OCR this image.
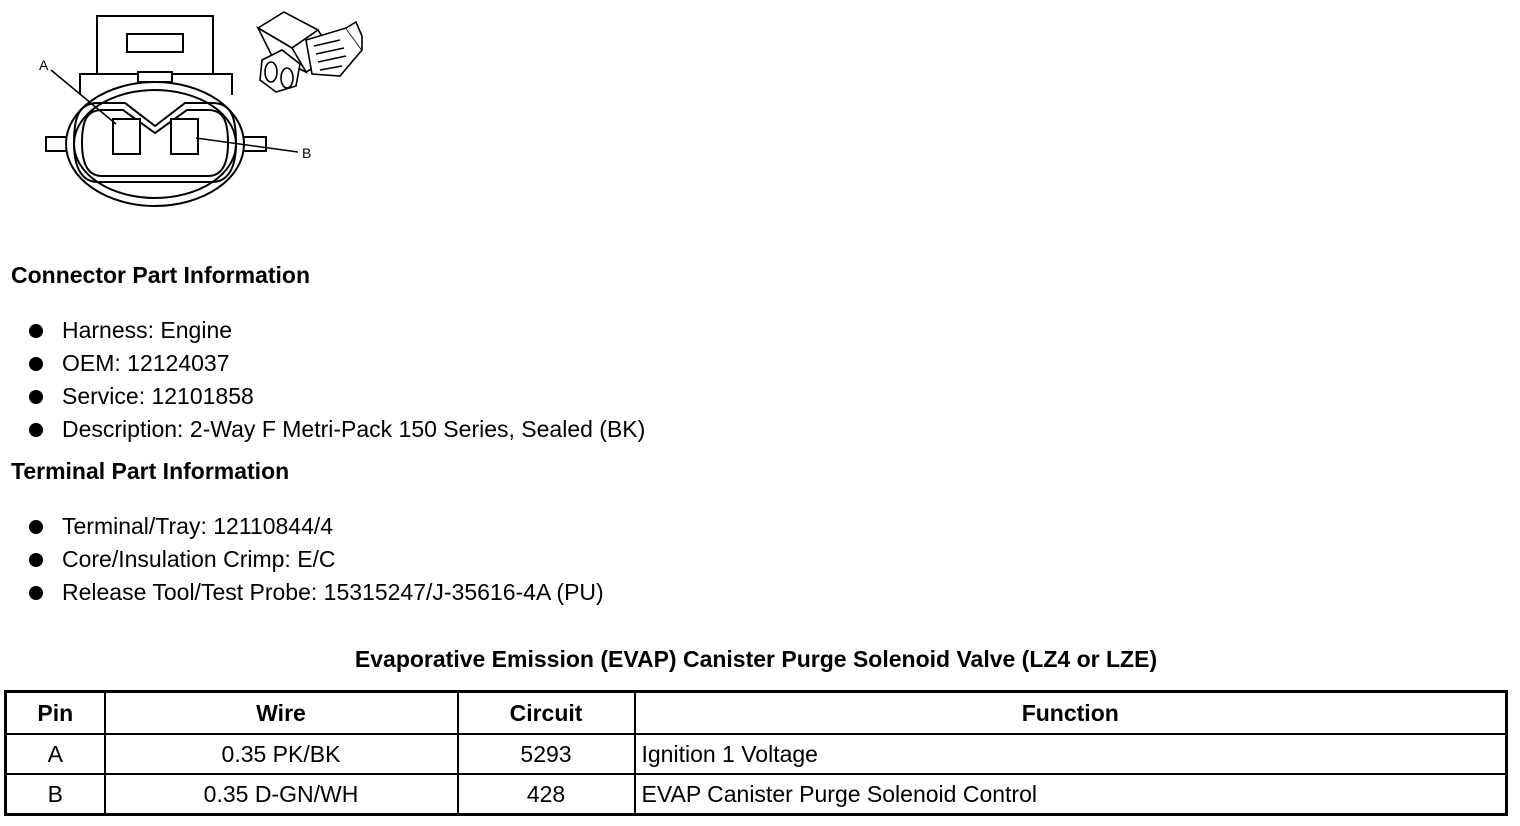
A
B
Connector Part Information
Harness: Engine
OEM: 12124037
Service: 12101858
Description: 2-Way F Metri-Pack 150 Series, Sealed (BK)
Terminal Part Information
Terminal/Tray: 12110844/4
Core/Insulation Crimp: E/C
Release Tool/Test Probe: 15315247/J-35616-4A (PU)
Evaporative Emission (EVAP) Canister Purge Solenoid Valve (LZ4 or LZE)
Pin	Wire	Circuit	Function
A	0.35 PK/BK	5293	Ignition 1 Voltage
B	0.35 D-GN/WH	428	EVAP Canister Purge Solenoid Control
